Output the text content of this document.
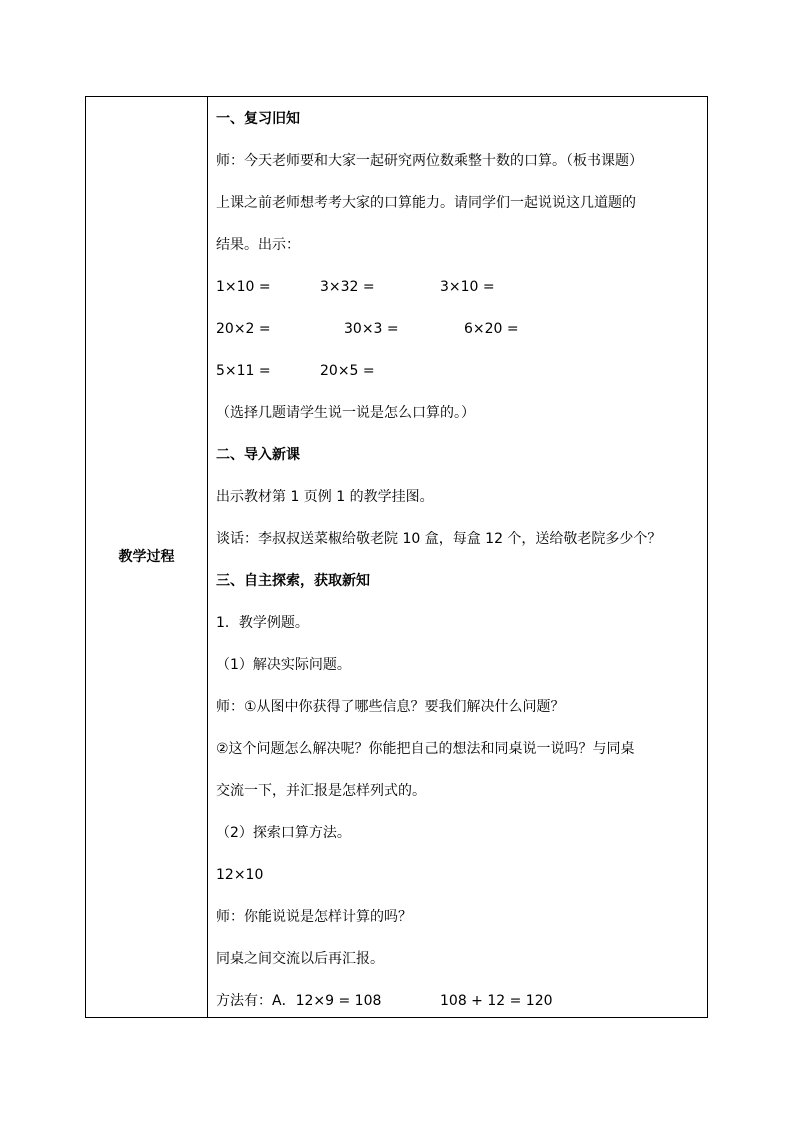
教学过程
一、复习旧知
师：今天老师要和大家一起研究两位数乘整十数的口算。（板书课题）
上课之前老师想考考大家的口算能力。请同学们一起说说这几道题的
结果。出示：
1×10 =	3×32 =	3×10 =
20×2 =	30×3 =	6×20 =
5×11 =	20×5 =
（选择几题请学生说一说是怎么口算的。）
二、导入新课
出示教材第 1 页例 1 的教学挂图。
谈话：李叔叔送菜椒给敬老院 10 盒，每盒 12 个，送给敬老院多少个？
三、自主探索，获取新知
1．教学例题。
（1）解决实际问题。
师：①从图中你获得了哪些信息？要我们解决什么问题？
②这个问题怎么解决呢？你能把自己的想法和同桌说一说吗？与同桌
交流一下，并汇报是怎样列式的。
（2）探索口算方法。
12×10
师：你能说说是怎样计算的吗？
同桌之间交流以后再汇报。
方法有：A．12×9 = 108	108 + 12 = 120
